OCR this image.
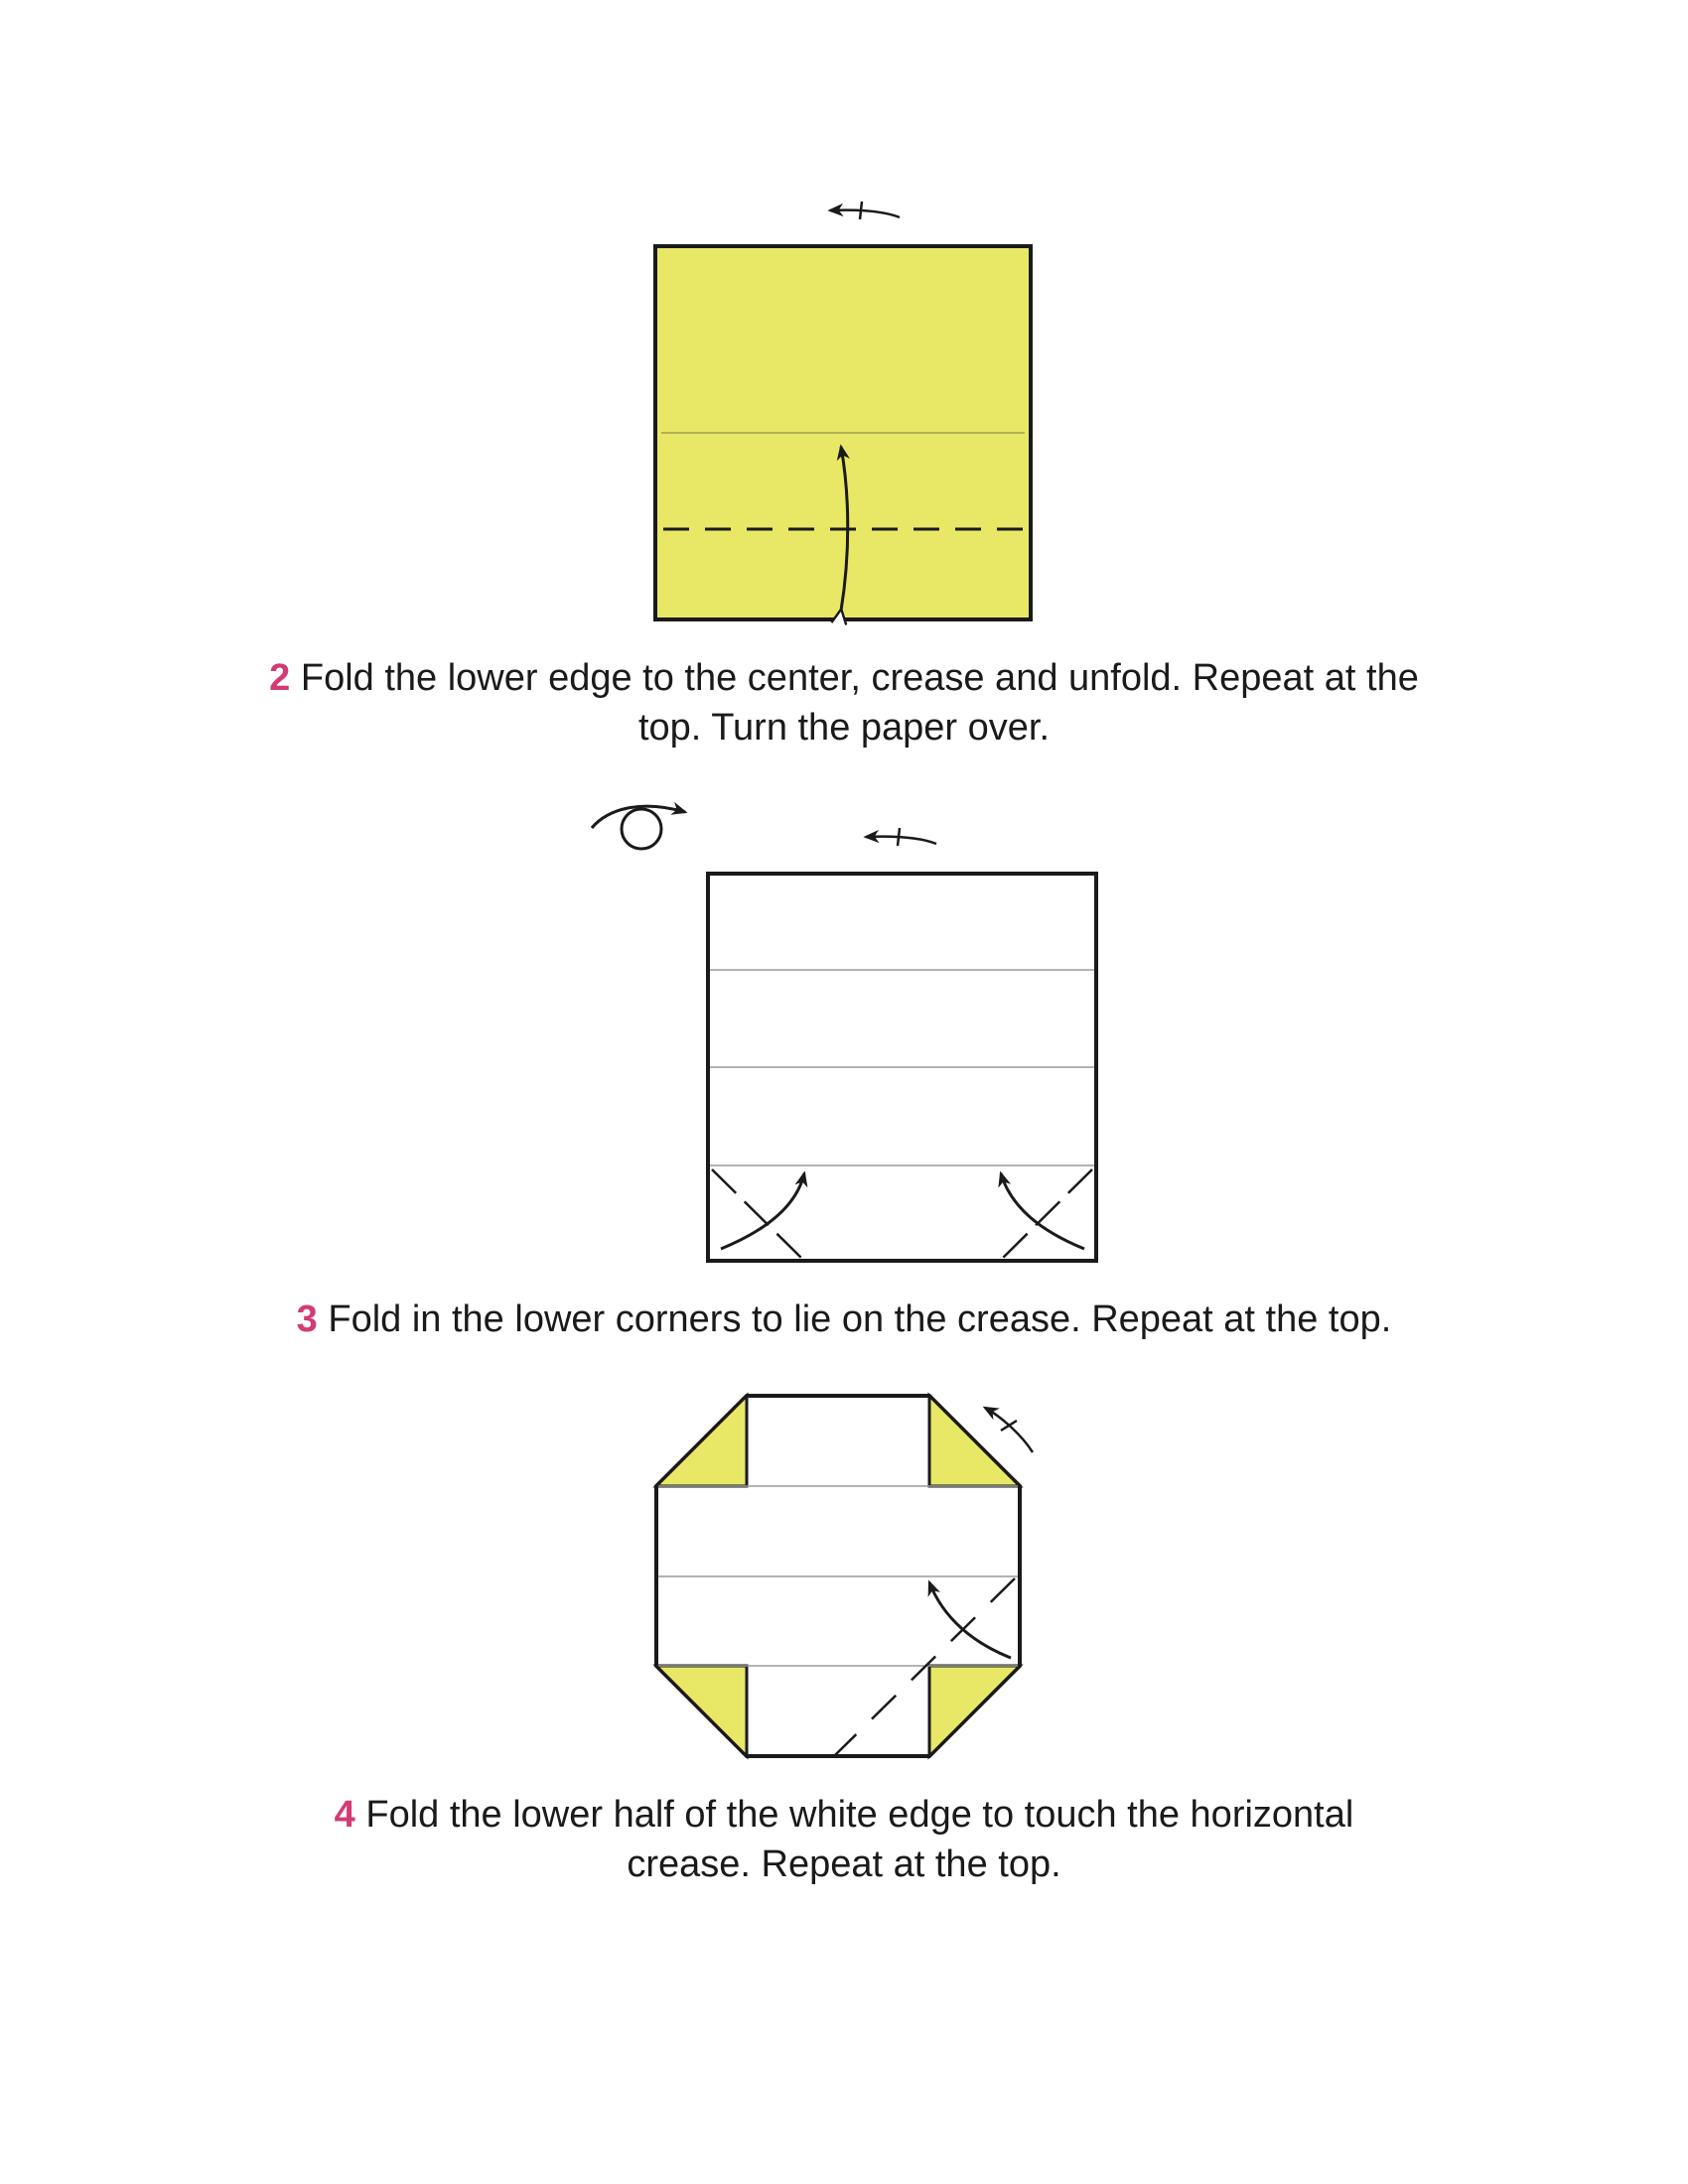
2 Fold the lower edge to the center, crease and unfold. Repeat at the
top. Turn the paper over.
3 Fold in the lower corners to lie on the crease. Repeat at the top.
4 Fold the lower half of the white edge to touch the horizontal
crease. Repeat at the top.
